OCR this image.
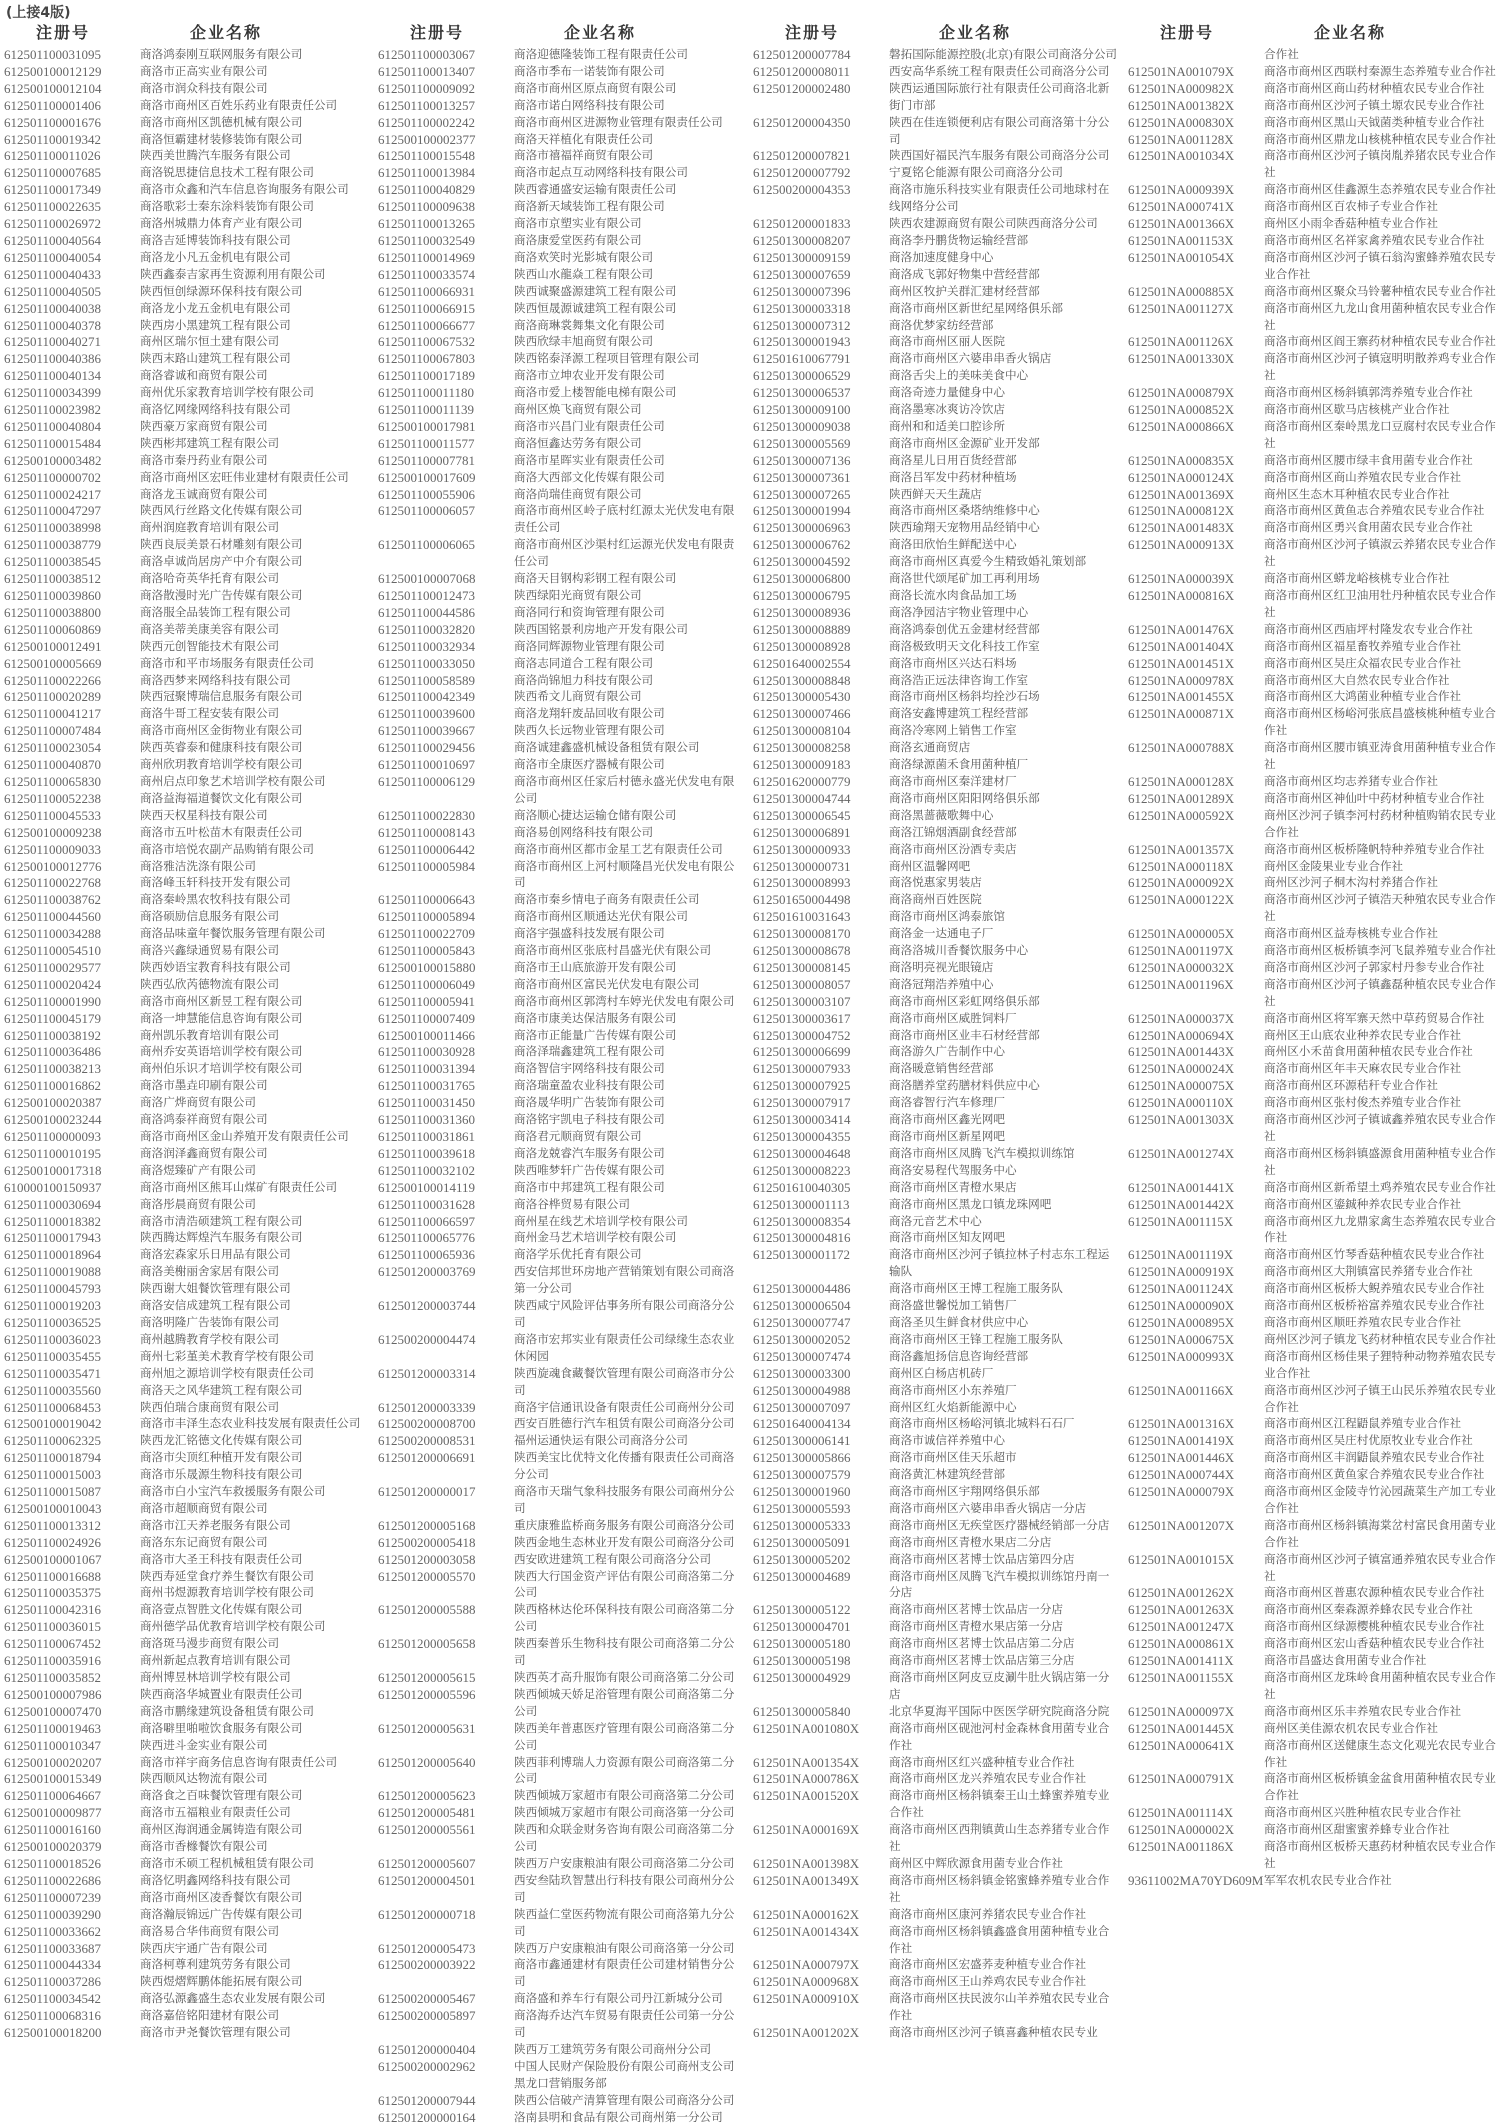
(上接4版)
注册号	企业名称
612501100031095	商洛鸿泰刚互联网服务有限公司
612500100012129	商洛市正高实业有限公司
612500100012104	商洛市润众科技有限公司
612501100001406	商洛市商州区百姓乐药业有限责任公司
612501100001676	商洛市商州区凯德机械有限公司
612501100019342	商洛恒霸建材装修装饰有限公司
612501100011026	陕西美世腾汽车服务有限公司
612501100007685	商洛锐思捷信息技术工程有限公司
612501100017349	商洛市众鑫和汽车信息咨询服务有限公司
612501100022635	商洛歌彩士秦东涂料装饰有限公司
612501100026972	商洛州城鼎力体育产业有限公司
612501100040564	商洛吉延博装饰科技有限公司
612501100040054	商洛龙小凡五金机电有限公司
612501100040433	陕西鑫泰吉家再生资源利用有限公司
612501100040505	陕西恒创绿源环保科技有限公司
612501100040038	商洛龙小龙五金机电有限公司
612501100040378	陕西房小黑建筑工程有限公司
612501100040271	商州区瑞尔恒土建有限公司
612501100040386	陕西末路山建筑工程有限公司
612501100040134	商洛睿诚和商贸有限公司
612501100034399	商州优乐家教育培训学校有限公司
612501100023982	商洛忆网缘网络科技有限公司
612501100040804	陕西豪万家商贸有限公司
612501100015484	陕西彬邦建筑工程有限公司
612500100003482	商洛市秦丹药业有限公司
612501100000702	商洛市商州区宏旺伟业建材有限责任公司
612501100024217	商洛龙玉诚商贸有限公司
612501100047297	陕西风行丝路文化传媒有限公司
612501100038998	商州润庭教育培训有限公司
612501100038779	陕西良辰美景石材雕刻有限公司
612501100038545	商洛卓诚尚居房产中介有限公司
612501100038512	商洛哈奇英华托育有限公司
612501100039860	商洛散漫时光广告传媒有限公司
612501100038800	商洛服全品装饰工程有限公司
612501100060869	商洛美蒂美康美容有限公司
612500100012491	陕西元创智能技术有限公司
612500100005669	商洛市和平市场服务有限责任公司
612501100022266	商洛西梦来网络科技有限公司
612501100020289	陕西冠聚博瑞信息服务有限公司
612501100041217	商洛牛哥工程安装有限公司
612501100007484	商洛市商州区金街物业有限公司
612501100023054	陕西英睿泰和健康科技有限公司
612501100040870	商州欣玥教育培训学校有限公司
612501100065830	商州启点印象艺术培训学校有限公司
612501100052238	商洛益海福道餐饮文化有限公司
612501100045533	陕西天权星科技有限公司
612500100009238	商洛市五叶松苗木有限责任公司
612501100009033	商洛市培悦农副产品购销有限公司
612500100012776	商洛雅洁洗涤有限公司
612501100022768	商洛峰玉轩科技开发有限公司
612501100038762	商洛秦岭黑农牧科技有限公司
612501100044560	商洛硕励信息服务有限公司
612501100034288	商洛品味童年餐饮服务管理有限公司
612501100054510	商洛兴鑫绿通贸易有限公司
612501100029577	陕西妙语宝教育科技有限公司
612501100020424	陕西弘欣芮德物流有限公司
612501100001990	商洛市商州区新昱工程有限公司
612501100045179	商洛一坤慧能信息咨询有限公司
612501100038192	商州凯乐教育培训有限公司
612501100036486	商州乔安英语培训学校有限公司
612501100038213	商州伯乐识才培训学校有限公司
612501100016862	商洛市墨垚印刷有限公司
612500100020387	商洛广烨商贸有限公司
612500100023244	商洛鸿泰祥商贸有限公司
612501100000093	商洛市商州区金山养殖开发有限责任公司
612501100010195	商洛润泽鑫商贸有限公司
612500100017318	商洛煜臻矿产有限公司
610000100150937	商洛市商州区熊耳山煤矿有限责任公司
612501100030694	商洛彤晨商贸有限公司
612501100018382	商洛市清浩硕建筑工程有限公司
612501100017943	陕西腾达辉煌汽车服务有限公司
612501100018964	商洛宏森家乐日用品有限公司
612501100019088	商洛美榭丽舍家居有限公司
612501100045793	陕西谢大姐餐饮管理有限公司
612501100019203	商洛安信成建筑工程有限公司
612501100036525	商洛明隆广告装饰有限公司
612501100036023	商州越腾教育学校有限公司
612501100035455	商州七彩堇美术教育学校有限公司
612501100035471	商州旭之源培训学校有限责任公司
612501100035560	商洛天之风华建筑工程有限公司
612501100068453	陕西伯瑞合康商贸有限公司
612500100019042	商洛市丰泽生态农业科技发展有限责任公司
612501100062325	陕西龙汇铭德文化传媒有限公司
612501100018794	商洛市尖顶红种植开发有限公司
612501100015003	商洛市乐晟源生物科技有限公司
612501100015087	商洛市白小宝汽车救援服务有限公司
612500100010043	商洛市超顺商贸有限公司
612501100013312	商洛市江天养老服务有限公司
612501100024926	商洛东东记商贸有限公司
612500100001067	商洛市大圣王科技有限责任公司
612501100016688	陕西寿延堂食疗养生餐饮有限公司
612501100035375	商州书煜源教育培训学校有限公司
612501100042316	商洛壹点智胜文化传媒有限公司
612501100036015	商州德学品优教育培训学校有限公司
612501100067452	商洛斑马漫步商贸有限公司
612501100035916	商州新起点教育培训有限公司
612501100035852	商州博昱林培训学校有限公司
612500100007986	陕西商洛华城置业有限责任公司
612500100007470	商洛市鹏缘建筑设备租赁有限公司
612501100019463	商洛噼里啪啦饮食服务有限公司
612501100010347	陕西进斗金实业有限公司
612500100020207	商洛市祥宇商务信息咨询有限责任公司
612500100015349	陕西顺风达物流有限公司
612501100064667	商洛食之百味餐饮管理有限公司
612500100009877	商洛市五福粮业有限责任公司
612501100016160	商州区海润通金属铸造有限公司
612500100020379	商洛市香橼餐饮有限公司
612501100018526	商洛市禾硕工程机械租赁有限公司
612501100022686	商洛忆明鑫网络科技有限公司
612501100007239	商洛市商州区凌香餐饮有限公司
612501100039290	商洛瀚辰锦远广告传媒有限公司
612501100033662	商洛易合华伟商贸有限公司
612501100033687	陕西庆宇通广告有限公司
612501100044334	商洛柯尊利建筑劳务有限公司
612501100037286	陕西煜熠辉鹏体能拓展有限公司
612501100034542	商洛弘源鑫盛生态农业发展有限公司
612501100068316	商洛嘉倍铭阳建材有限公司
612500100018200	商洛市尹尧餐饮管理有限公司
注册号	企业名称
612501100003067	商洛迎德隆装饰工程有限责任公司
612501100013407	商洛市季布一诺装饰有限公司
612501100009092	商洛市商州区原点商贸有限公司
612501100013257	商洛市诺白网络科技有限公司
612501100002242	商洛市商州区进源物业管理有限责任公司
612500100002377	商洛天祥植化有限责任公司
612501100015548	商洛市禧福祥商贸有限公司
612501100013984	商洛市起点互动网络科技有限公司
612501100040829	陕西睿通盛安运输有限责任公司
612501100009638	商洛新天域装饰工程有限公司
612501100013265	商洛市京塑实业有限公司
612501100032549	商洛康爱堂医药有限公司
612501100014969	商洛欢笑时光影城有限公司
612501100033574	陕西山水龍焱工程有限公司
612501100066931	陕西诚聚盛源建筑工程有限公司
612501100066915	陕西恒晟源诚建筑工程有限公司
612501100066677	商洛商琳裳舞集文化有限公司
612501100067532	陕西欣绿丰旭商贸有限公司
612501100067803	陕西铭泰泽源工程项目管理有限公司
612501100017189	商洛市立坤农业开发有限公司
612501100011180	商洛市爱上楼智能电梯有限公司
612501100011139	商州区焕飞商贸有限公司
612500100017981	商洛市兴昌门业有限责任公司
612501100011577	商洛恒鑫达劳务有限公司
612501100007781	商洛市星晖实业有限责任公司
612500100017609	商洛大西部文化传媒有限公司
612501100055906	商洛尚瑞佳商贸有限公司
612501100006057	商洛市商州区岭子底村红源太光伏发电有限责任公司
612501100006065	商洛市商州区沙渠村红运源光伏发电有限责任公司
612500100007068	商洛天目钢构彩钢工程有限公司
612501100012473	陕西绿阳光商贸有限公司
612501100044586	商洛同行和资询管理有限公司
612501100032820	陕西国铭景利房地产开发有限公司
612501100032934	商洛同辉源物业管理有限公司
612501100033050	商洛志同道合工程有限公司
612501100058589	商洛尚锦旭力科技有限公司
612501100042349	陕西希文儿商贸有限公司
612501100039600	商洛龙翔轩废品回收有限公司
612501100039667	陕西久长远物业管理有限公司
612501100029456	商洛诚建鑫盛机械设备租赁有限公司
612501100010697	商洛市全康医疗器械有限公司
612501100006129	商洛市商州区任家后村德永盛光伏发电有限公司
612501100022830	商洛顺心捷达运输仓储有限公司
612501100008143	商洛易创网络科技有限公司
612501100006442	商洛市商州区都市金星工艺有限责任公司
612501100005984	商洛市商州区上河村顺隆昌光伏发电有限公司
612501100006643	商洛市秦乡情电子商务有限责任公司
612501100005894	商洛市商州区顺通达光伏有限公司
612501100022709	商洛宇强盛科技发展有限公司
612501100005843	商洛市商州区张底村昌盛光伏有限公司
612500100015880	商洛市王山底旅游开发有限公司
612501100006049	商洛市商州区富民光伏发电有限公司
612501100005941	商洛市商州区郭湾村车婷光伏发电有限公司
612501100007409	商洛市康美达保洁服务有限公司
612500100011466	商洛市正能量广告传媒有限公司
612501100030928	商洛泽瑞鑫建筑工程有限公司
612501100031394	商洛智信宇网络科技有限公司
612501100031765	商洛瑞童盈农业科技有限公司
612501100031450	商洛晟华明广告装饰有限公司
612501100031360	商洛铭宇凯电子科技有限公司
612501100031861	商洛君元顺商贸有限公司
612501100039618	商洛龙兢睿汽车服务有限公司
612501100032102	陕西唯梦轩广告传媒有限公司
612500100014119	商洛市中邦建筑工程有限公司
612501100031628	商洛谷桦贸易有限公司
612501100066597	商州星在线艺术培训学校有限公司
612501100065776	商州金马艺术培训学校有限公司
612501100065936	商洛学乐优托育有限公司
612501200003769	西安信邦世环房地产营销策划有限公司商洛第一分公司
612501200003744	陕西咸宁风险评估事务所有限公司商洛分公司
612500200004474	商洛市宏邦实业有限责任公司绿缘生态农业休闲园
612501200003314	陕西旋魂食藏餐饮管理有限公司商洛市分公司
612501200003339	商洛宇信通讯设备有限责任公司商州分公司
612500200008700	西安百胜德行汽车租赁有限公司商洛分公司
612500200008531	福州运通快运有限公司商洛分公司
612501200006691	陕西美宝比优特文化传播有限责任公司商洛分公司
612501200000017	商洛市天瑞气象科技服务有限公司商州分公司
612501200005168	重庆康雅监桥商务服务有限公司商洛分公司
612500200005418	陕西金地生态林业开发有限公司商洛分公司
612501200003058	西安欧进建筑工程有限公司商洛分公司
612501200005570	陕西大行国金资产评估有限公司商洛第二分公司
612501200005588	陕西格林达伦环保科技有限公司商洛第二分公司
612501200005658	陕西秦普乐生物科技有限公司商洛第二分公司
612501200005615	陕西英才高升服饰有限公司商洛第二分公司
612501200005596	陕西倾城天娇足浴管理有限公司商洛第二分公司
612501200005631	陕西美年普惠医疗管理有限公司商洛第二分公司
612501200005640	陕西菲利博瑞人力资源有限公司商洛第二分公司
612501200005623	陕西倾城万家超市有限公司商洛第二分公司
612501200005481	陕西倾城万家超市有限公司商洛第一分公司
612501200005561	陕西和众联金财务咨询有限公司商洛第二分公司
612501200005607	陕西万户安康粮油有限公司商洛第二分公司
612501200004501	西安叁陆玖智慧出行科技有限公司商州分公司
612501200000718	陕西益仁堂医药物流有限公司商洛第九分公司
612501200005473	陕西万户安康粮油有限公司商洛第一分公司
612500200003922	商洛市鑫通建材有限责任公司建材销售分公司
612500200005467	商洛盛和养车行有限公司丹江新城分公司
612500200005897	商洛海乔达汽车贸易有限责任公司第一分公司
612501200000404	陕西万工建筑劳务有限公司商州分公司
612500200002962	中国人民财产保险股份有限公司商州支公司黑龙口营销服务部
612501200007944	陕西公信破产清算管理有限公司商洛分公司
612501200000164	洛南县明和食品有限公司商州第一分公司
注册号	企业名称
612501200007784	磐拓国际能源控股(北京)有限公司商洛分公司
612501200008011	西安高华系统工程有限责任公司商洛分公司
612501200002480	陕西运通国际旅行社有限责任公司商洛北新街门市部
612501200004350	陕西在佳连锁便利店有限公司商洛第十分公司
612501200007821	陕西国好福民汽车服务有限公司商洛分公司
612501200007792	宁夏铭仑能源有限公司商洛分公司
612500200004353	商洛市施乐科技实业有限责任公司地球村在线网络分公司
612501200001833	陕西农建源商贸有限公司陕西商洛分公司
612501300008207	商洛李丹鹏货物运输经营部
612501300009159	商洛加速度健身中心
612501300007659	商洛成飞郭好物集中营经营部
612501300007396	商州区牧护关群汇建材经营部
612501300003318	商洛市商州区新世纪星网络俱乐部
612501300007312	商洛优梦家纺经营部
612501300001943	商洛市商州区丽人医院
612501610067791	商洛市商州区六婆串串香火锅店
612501300006529	商洛舌尖上的美味美食中心
612501300006537	商洛奇迹力量健身中心
612501300009100	商洛墨寒冰爽访冷饮店
612501300009038	商州和和适美口腔诊所
612501300005569	商洛市商州区金源矿业开发部
612501300007136	商洛星儿日用百货经营部
612501300007361	商洛吕军发中药材种植场
612501300007265	陕西鲜天天生蔬店
612501300001994	商洛市商州区桑塔纳维修中心
612501300006963	陕西瑜翔天宠物用品经销中心
612501300006762	商洛田欣怡生鲜配送中心
612501300004592	商洛市商州区真爱今生精致婚礼策划部
612501300006800	商洛世代颂尾矿加工再利用场
612501300006795	商洛长流水肉食品加工场
612501300008936	商洛净园洁宇物业管理中心
612501300008889	商洛鸿泰创优五金建材经营部
612501300008928	商洛极致明天文化科技工作室
612501640002554	商洛市商州区兴达石料场
612501300008848	商洛浩正远法律咨询工作室
612501300005430	商洛市商州区杨斜均拴沙石场
612501300007466	商洛安鑫博建筑工程经营部
612501300008104	商洛冷寒网上销售工作室
612501300008258	商洛玄通商贸店
612501300009183	商洛绿源菌禾食用菌种植厂
612501620000779	商洛市商州区秦洋建材厂
612501300004744	商洛市商州区阳阳网络俱乐部
612501300006545	商洛黑蔷薇歌舞中心
612501300006891	商洛江锦烟酒副食经营部
612501300000933	商洛市商州区汾酒专卖店
612501300000731	商州区温馨网吧
612501300008993	商洛悦惠家男装店
612501650004498	商洛商州百姓医院
612501610031643	商洛市商州区鸿泰旅馆
612501300008170	商洛金一达通电子厂
612501300008678	商洛洛城川香餐饮服务中心
612501300008145	商洛明亮视光眼镜店
612501300008057	商洛冠翔浩养殖中心
612501300003107	商洛市商州区彩虹网络俱乐部
612501300003617	商洛市商州区威胜饲料厂
612501300004752	商洛市商州区业丰石材经营部
612501300006699	商洛游久广告制作中心
612501300007933	商洛暖意销售经营部
612501300007925	商洛膳养堂药膳材料供应中心
612501300007917	商洛睿智行汽车修理厂
612501300003414	商洛市商州区鑫光网吧
612501300004355	商洛市商州区新星网吧
612501300004648	商洛市商州区凤腾飞汽车模拟训练馆
612501300008223	商洛安易程代驾服务中心
612501610040305	商洛市商州区青橙水果店
612501300001113	商洛市商州区黑龙口镇龙珠网吧
612501300008354	商洛元音艺术中心
612501300004816	商洛市商州区知友网吧
612501300001172	商洛市商州区沙河子镇拉林子村志东工程运输队
612501300004486	商洛市商州区王博工程施工服务队
612501300006504	商洛盛世馨悦加工销售厂
612501300007747	商洛圣贝生鲜食材供应中心
612501300002052	商洛市商州区王锋工程施工服务队
612501300007474	商洛鑫旭扬信息咨询经营部
612501300003300	商州区白杨店机砖厂
612501300004988	商洛市商州区小东养殖厂
612501300007097	商州区红火焰新能源中心
612501640004134	商洛市商州区杨峪河镇北城料石石厂
612501300006141	商洛市诚信祥养殖中心
612501300005866	商洛市商州区佳天乐超市
612501300007579	商洛黄汇林建筑经营部
612501300001960	商洛市商州区宇翔网络俱乐部
612501300005593	商洛市商州区六婆串串香火锅店一分店
612501300005333	商洛市商州区无疾堂医疗器械经销部一分店
612501300005091	商洛市商州区青橙水果店二分店
612501300005202	商洛市商州区茗博士饮品店第四分店
612501300004689	商洛市商州区凤腾飞汽车模拟训练馆丹南一分店
612501300005122	商洛市商州区茗博士饮品店一分店
612501300004701	商洛市商州区青橙水果店第一分店
612501300005180	商洛市商州区茗博士饮品店第二分店
612501300005198	商洛市商州区茗博士饮品店第三分店
612501300004929	商洛市商州区阿皮豆皮涮牛肚火锅店第一分店
612501300005840	北京华夏海平国际中医医学研究院商洛分院
612501NA001080X	商洛市商州区砚池河村金森林食用菌专业合作社
612501NA001354X	商洛市商州区红兴盛种植专业合作社
612501NA000786X	商洛市商州区龙兴养殖农民专业合作社
612501NA001520X	商洛市商州区杨斜镇秦王山土蜂蜜养殖专业合作社
612501NA000169X	商洛市商州区西荆镇黄山生态养猪专业合作社
612501NA001398X	商州区中辉欣源食用菌专业合作社
612501NA001349X	商洛市商州区杨斜镇金铭蜜蜂养殖专业合作社
612501NA000162X	商洛市商州区康河养猪农民专业合作社
612501NA001434X	商洛市商州区杨斜镇鑫盛食用菌种植专业合作社
612501NA000797X	商洛市商州区宏盛荞麦种植专业合作社
612501NA000968X	商洛市商州区王山养鸡农民专业合作社
612501NA000910X	商洛市商州区扶民波尔山羊养殖农民专业合作社
612501NA001202X	商洛市商州区沙河子镇喜鑫种植农民专业
注册号	企业名称
合作社
612501NA001079X	商洛市商州区西联村秦源生态养殖专业合作社
612501NA000982X	商洛市商州区商山药材种植农民专业合作社
612501NA001382X	商洛市商州区沙河子镇土塬农民专业合作社
612501NA000830X	商洛市商州区黑山天钺菌类种植专业合作社
612501NA001128X	商洛市商州区鼎龙山核桃种植农民专业合作社
612501NA001034X	商洛市商州区沙河子镇岗胤养猪农民专业合作社
612501NA000939X	商洛市商州区佳鑫源生态养殖农民专业合作社
612501NA000741X	商洛市商州区百农柿子专业合作社
612501NA001366X	商州区小雨伞香菇种植专业合作社
612501NA001153X	商洛市商州区名祥家禽养殖农民专业合作社
612501NA001054X	商洛市商州区沙河子镇石翁沟蜜蜂养殖农民专业合作社
612501NA000885X	商洛市商州区聚众马铃薯种植农民专业合作社
612501NA001127X	商洛市商州区九龙山食用菌种植农民专业合作社
612501NA001126X	商洛市商州区阎王寨药材种植农民专业合作社
612501NA001330X	商洛市商州区沙河子镇寇明明散养鸡专业合作社
612501NA000879X	商洛市商州区杨斜镇郭湾养殖专业合作社
612501NA000852X	商洛市商州区歇马店核桃产业合作社
612501NA000866X	商洛市商州区秦岭黑龙口豆腐村农民专业合作社
612501NA000835X	商洛市商州区腰市绿丰食用菌专业合作社
612501NA000124X	商洛市商州区商山养殖农民专业合作社
612501NA001369X	商州区生态木耳种植农民专业合作社
612501NA000812X	商洛市商州区黄鱼志合养殖农民专业合作社
612501NA001483X	商洛市商州区勇兴食用菌农民专业合作社
612501NA000913X	商洛市商州区沙河子镇淑云养猪农民专业合作社
612501NA000039X	商洛市商州区蟒龙峪核桃专业合作社
612501NA000816X	商洛市商州区红卫油用牡丹种植农民专业合作社
612501NA001476X	商洛市商州区西庙坪村隆发农专业合作社
612501NA001404X	商洛市商州区福星畜牧养殖专业合作社
612501NA001451X	商洛市商州区吴庄众福农民专业合作社
612501NA000978X	商洛市商州区大自然农民专业合作社
612501NA001455X	商洛市商州区大鸿菌业种植专业合作社
612501NA000871X	商洛市商州区杨峪河张底昌盛核桃种植专业合作社
612501NA000788X	商洛市商州区腰市镇亚涛食用菌种植专业合作社
612501NA000128X	商洛市商州区均志养猪专业合作社
612501NA001289X	商洛市商州区神仙叶中药材种植专业合作社
612501NA000592X	商州区沙河子镇李河村药材种植购销农民专业合作社
612501NA001357X	商洛市商州区板桥隆帆特种养殖专业合作社
612501NA000118X	商州区金陵果业专业合作社
612501NA000092X	商州区沙河子桐木沟村养猪合作社
612501NA000122X	商洛市商州区沙河子镇浩天种殖农民专业合作社
612501NA000005X	商洛市商州区益寿核桃专业合作社
612501NA001197X	商洛市商州区板桥镇李河飞鼠养殖专业合作社
612501NA000032X	商洛市商州区沙河子郭家村丹参专业合作社
612501NA001196X	商洛市商州区沙河子镇鑫磊种植农民专业合作社
612501NA000037X	商洛市商州区将军寨天然中草药贸易合作社
612501NA000694X	商州区王山底农业种养农民专业合作社
612501NA001443X	商州区小禾苗食用菌种植农民专业合作社
612501NA000024X	商洛市商州区年丰天麻农民专业合作社
612501NA000075X	商洛市商州区环源秸秆专业合作社
612501NA000110X	商洛市商州区张村俊杰养殖专业合作社
612501NA001303X	商洛市商州区沙河子镇诚鑫养殖农民专业合作社
612501NA001274X	商洛市商州区杨斜镇盛源食用菌种植专业合作社
612501NA001441X	商洛市商州区新希望土鸡养殖农民专业合作社
612501NA001442X	商洛市商州区鎏鋮种养农民专业合作社
612501NA001115X	商洛市商州区九龙鼎家禽生态养殖农民专业合作社
612501NA001119X	商洛市商州区竹琴香菇种植农民专业合作社
612501NA000919X	商洛市商州区大荆镇富民养猪专业合作社
612501NA001124X	商洛市商州区板桥大鲵养殖农民专业合作社
612501NA000090X	商洛市商州区板桥裕富养殖农民专业合作社
612501NA000895X	商洛市商州区顺旺养殖农民专业合作社
612501NA000675X	商州区沙河子镇龙飞药材种植农民专业合作社
612501NA000993X	商洛市商州区杨佳果子狸特种动物养殖农民专业合作社
612501NA001166X	商洛市商州区沙河子镇王山民乐养殖农民专业合作社
612501NA001316X	商洛市商州区江程鼯鼠养殖专业合作社
612501NA001419X	商洛市商州区吴庄村优原牧业专业合作社
612501NA001446X	商洛市商州区丰润鼯鼠养殖农民专业合作社
612501NA000744X	商洛市商州区黄鱼家合养殖农民专业合作社
612501NA000079X	商洛市商州区金陵寺竹沁园蔬菜生产加工专业合作社
612501NA001207X	商洛市商州区杨斜镇海棠岔村富民食用菌专业合作社
612501NA001015X	商洛市商州区沙河子镇富通养殖农民专业合作社
612501NA001262X	商洛市商州区普惠农源种植农民专业合作社
612501NA001263X	商洛市商州区秦森源养蜂农民专业合作社
612501NA001247X	商洛市商州区绿源樱桃种植农民专业合作社
612501NA000861X	商洛市商州区宏山香菇种植农民专业合作社
612501NA001411X	商洛市昌盛达食用菌专业合作社
612501NA001155X	商洛市商州区龙珠岭食用菌种植农民专业合作社
612501NA000097X	商洛市商州区乐丰养殖农民专业合作社
612501NA001445X	商州区美佳源农机农民专业合作社
612501NA000641X	商洛市商州区送健康生态文化观光农民专业合作社
612501NA000791X	商洛市商州区板桥镇金盆食用菌种植农民专业合作社
612501NA001114X	商洛市商州区兴胜种植农民专业合作社
612501NA000002X	商洛市商州区甜蜜蜜养蜂专业合作社
612501NA001186X	商洛市商州区板桥天惠药材种植农民专业合作社
93611002MA70YD609M 军军农机农民专业合作社
